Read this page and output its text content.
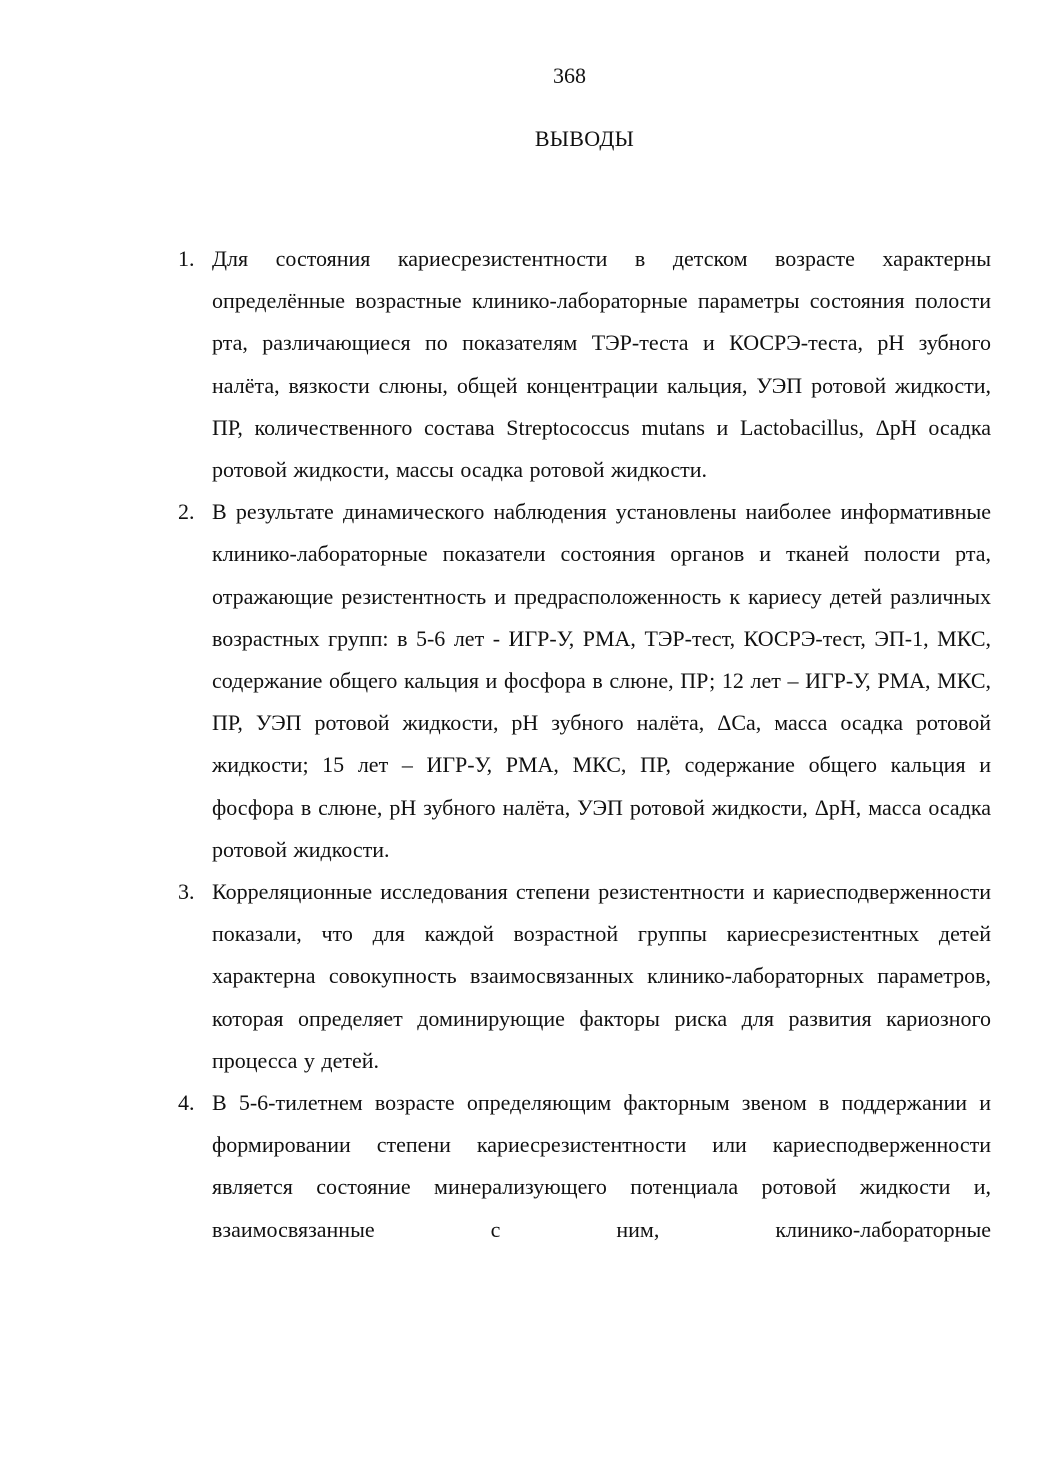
368
ВЫВОДЫ
1. Для состояния кариесрезистентности в детском возрасте характерны определённые возрастные клинико-лабораторные параметры состояния полости рта, различающиеся по показателям ТЭР-теста и КОСРЭ-теста, рН зубного налёта, вязкости слюны, общей концентрации кальция, УЭП ротовой жидкости, ПР, количественного состава Streptococcus mutans и Lactobacillus, ΔрН осадка ротовой жидкости, массы осадка ротовой жидкости.
2. В результате динамического наблюдения установлены наиболее информативные клинико-лабораторные показатели состояния органов и тканей полости рта, отражающие резистентность и предрасположенность к кариесу детей различных возрастных групп: в 5-6 лет - ИГР-У, РМА, ТЭР-тест, КОСРЭ-тест, ЭП-1, МКС, содержание общего кальция и фосфора в слюне, ПР; 12 лет – ИГР-У, РМА, МКС, ПР, УЭП ротовой жидкости, рН зубного налёта, ΔСа, масса осадка ротовой жидкости; 15 лет – ИГР-У, РМА, МКС, ПР, содержание общего кальция и фосфора в слюне, рН зубного налёта, УЭП ротовой жидкости, ΔрН, масса осадка ротовой жидкости.
3. Корреляционные исследования степени резистентности и кариесподверженности показали, что для каждой возрастной группы кариесрезистентных детей характерна совокупность взаимосвязанных клинико-лабораторных параметров, которая определяет доминирующие факторы риска для развития кариозного процесса у детей.
4. В 5-6-тилетнем возрасте определяющим факторным звеном в поддержании и формировании степени кариесрезистентности или кариесподверженности является состояние минерализующего потенциала ротовой жидкости и, взаимосвязанные с ним, клинико-лабораторные
